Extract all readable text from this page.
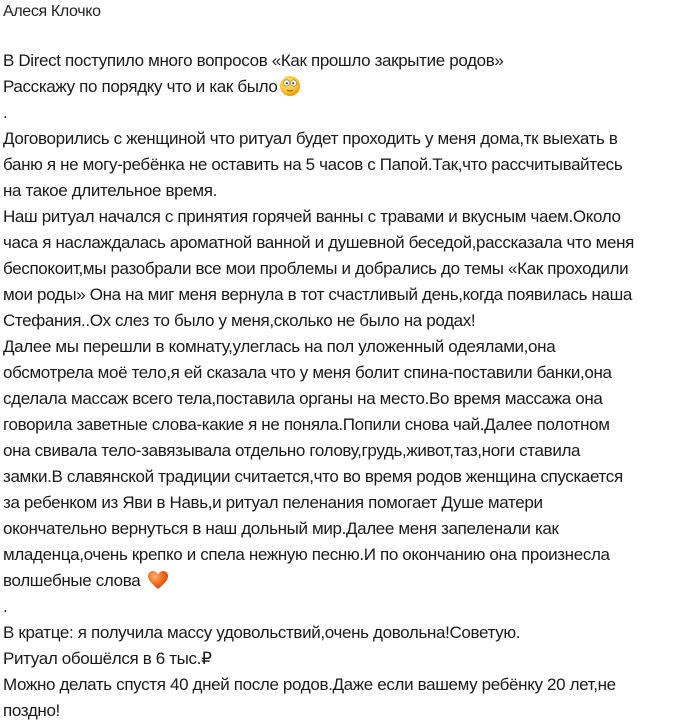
Алеся Клочко
В Direct поступило много вопросов «Как прошло закрытие родов»
Расскажу по порядку что и как было
.
Договорились с женщиной что ритуал будет проходить у меня дома,тк выехать в
баню я не могу-ребёнка не оставить на 5 часов с Папой.Так,что рассчитывайтесь
на такое длительное время.
Наш ритуал начался с принятия горячей ванны с травами и вкусным чаем.Около
часа я наслаждалась ароматной ванной и душевной беседой,рассказала что меня
беспокоит,мы разобрали все мои проблемы и добрались до темы «Как проходили
мои роды» Она на миг меня вернула в тот счастливый день,когда появилась наша
Стефания..Ох слез то было у меня,сколько не было на родах!
Далее мы перешли в комнату,улеглась на пол уложенный одеялами,она
обсмотрела моё тело,я ей сказала что у меня болит спина-поставили банки,она
сделала массаж всего тела,поставила органы на место.Во время массажа она
говорила заветные слова-какие я не поняла.Попили снова чай.Далее полотном
она свивала тело-завязывала отдельно голову,грудь,живот,таз,ноги ставила
замки.В славянской традиции считается,что во время родов женщина спускается
за ребенком из Яви в Навь,и ритуал пеленания помогает Душе матери
окончательно вернуться в наш дольный мир.Далее меня запеленали как
младенца,очень крепко и спела нежную песню.И по окончанию она произнесла
волшебные слова
.
В кратце: я получила массу удовольствий,очень довольна!Советую.
Ритуал обошёлся в 6 тыс.₽
Можно делать спустя 40 дней после родов.Даже если вашему ребёнку 20 лет,не
поздно!
